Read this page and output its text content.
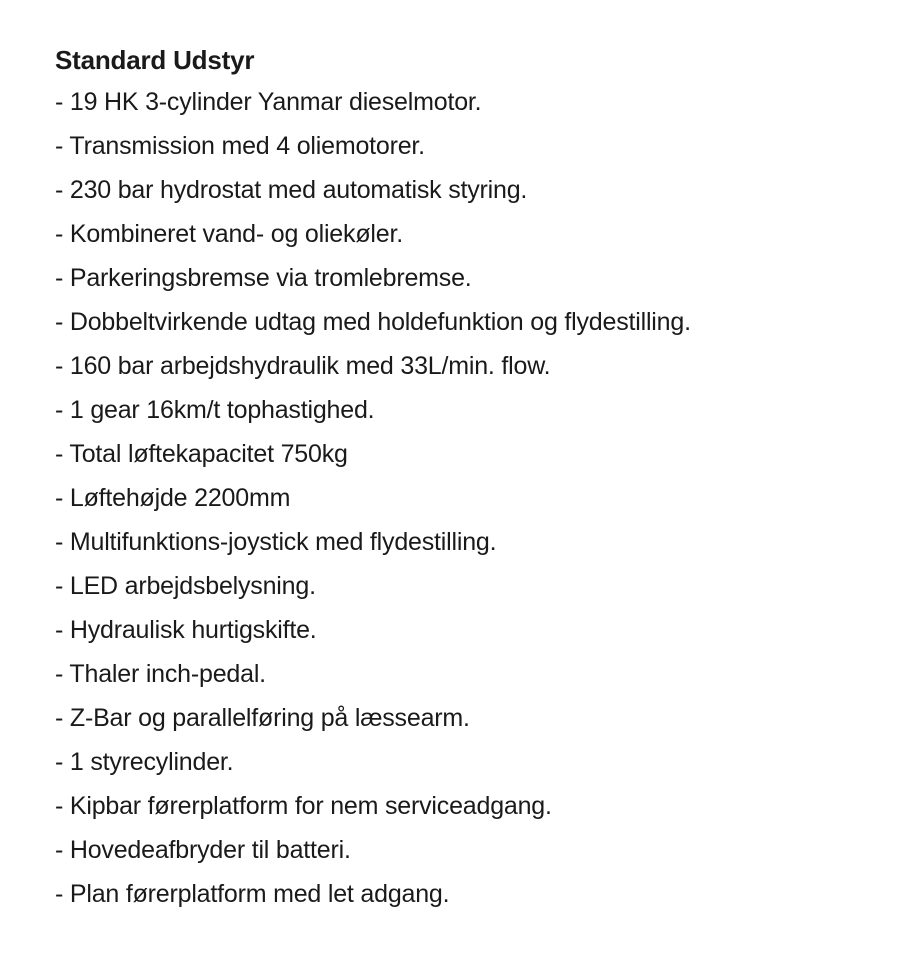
Standard Udstyr
- 19 HK 3-cylinder Yanmar dieselmotor.
- Transmission med 4 oliemotorer.
- 230 bar hydrostat med automatisk styring.
- Kombineret vand- og oliekøler.
- Parkeringsbremse via tromlebremse.
- Dobbeltvirkende udtag med holdefunktion og flydestilling.
- 160 bar arbejdshydraulik med 33L/min. flow.
- 1 gear 16km/t tophastighed.
- Total løftekapacitet 750kg
- Løftehøjde 2200mm
- Multifunktions-joystick med flydestilling.
- LED arbejdsbelysning.
- Hydraulisk hurtigskifte.
- Thaler inch-pedal.
- Z-Bar og parallelføring på læssearm.
- 1 styrecylinder.
- Kipbar førerplatform for nem serviceadgang.
- Hovedeafbryder til batteri.
- Plan førerplatform med let adgang.
